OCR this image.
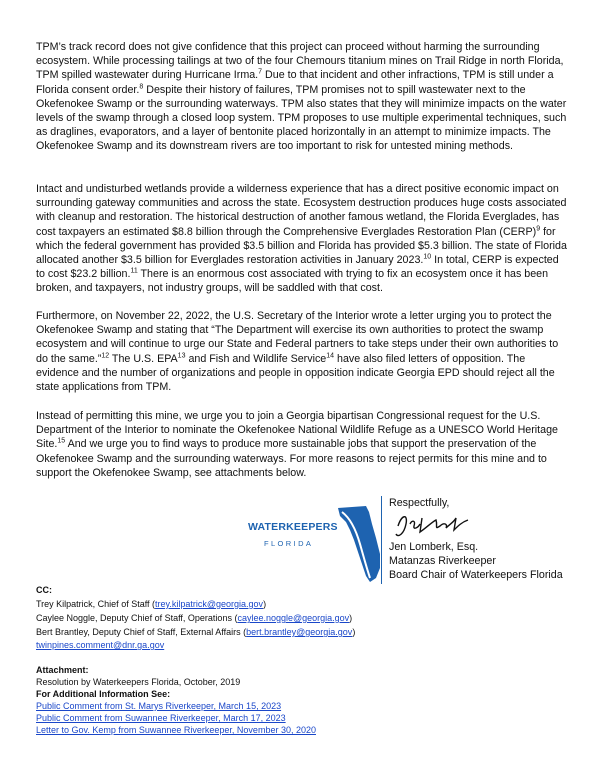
TPM’s track record does not give confidence that this project can proceed without harming the surrounding ecosystem. While processing tailings at two of the four Chemours titanium mines on Trail Ridge in north Florida, TPM spilled wastewater during Hurricane Irma.$^7$ Due to that incident and other infractions, TPM is still under a Florida consent order.$^8$ Despite their history of failures, TPM promises not to spill wastewater next to the Okefenokee Swamp or the surrounding waterways. TPM also states that they will minimize impacts on the water levels of the swamp through a closed loop system. TPM proposes to use multiple experimental techniques, such as draglines, evaporators, and a layer of bentonite placed horizontally in an attempt to minimize impacts. The Okefenokee Swamp and its downstream rivers are too important to risk for untested mining methods.

Intact and undisturbed wetlands provide a wilderness experience that has a direct positive economic impact on surrounding gateway communities and across the state. Ecosystem destruction produces huge costs associated with cleanup and restoration. The historical destruction of another famous wetland, the Florida Everglades, has cost taxpayers an estimated $8.8 billion through the Comprehensive Everglades Restoration Plan (CERP)$^9$ for which the federal government has provided $3.5 billion and Florida has provided $5.3 billion. The state of Florida allocated another $3.5 billion for Everglades restoration activities in January 2023.10 In total, CERP is expected to cost $23.2 billion.$^{11}$ There is an enormous cost associated with trying to fix an ecosystem once it has been broken, and taxpayers, not industry groups, will be saddled with that cost.

Furthermore, on November 22, 2022, the U.S. Secretary of the Interior wrote a letter urging you to protect the Okefenokee Swamp and stating that “The Department will exercise its own authorities to protect the swamp ecosystem and will continue to urge our State and Federal partners to take steps under their own authorities to do the same.”$^{12}$ The U.S. EPA$^{13}$ and Fish and Wildlife Service$^{14}$ have also filed letters of opposition. The evidence and the number of organizations and people in opposition indicate Georgia EPD should reject all the state applications from TPM.

Instead of permitting this mine, we urge you to join a Georgia bipartisan Congressional request for the U.S. Department of the Interior to nominate the Okefenokee National Wildlife Refuge as a UNESCO World Heritage Site.$^{15}$ And we urge you to find ways to produce more sustainable jobs that support the preservation of the Okefenokee Swamp and the surrounding waterways. For more reasons to reject permits for this mine and to support the Okefenokee Swamp, see attachments below.

WATERKEEPERS
FLORIDA
Respectfully,
Jen Lomberk, Esq.
Matanzas Riverkeeper
Board Chair of Waterkeepers Florida
CC:
Trey Kilpatrick, Chief of Staff (trey.kilpatrick@georgia.gov)
Caylee Noggle, Deputy Chief of Staff, Operations (caylee.noggle@georgia.gov)
Bert Brantley, Deputy Chief of Staff, External Affairs (bert.brantley@georgia.gov)
twinpines.comment@dnr.ga.gov
Attachment:
Resolution by Waterkeepers Florida, October, 2019
For Additional Information See:
Public Comment from St. Marys Riverkeeper, March 15, 2023
Public Comment from Suwannee Riverkeeper, March 17, 2023
Letter to Gov. Kemp from Suwannee Riverkeeper, November 30, 2020
